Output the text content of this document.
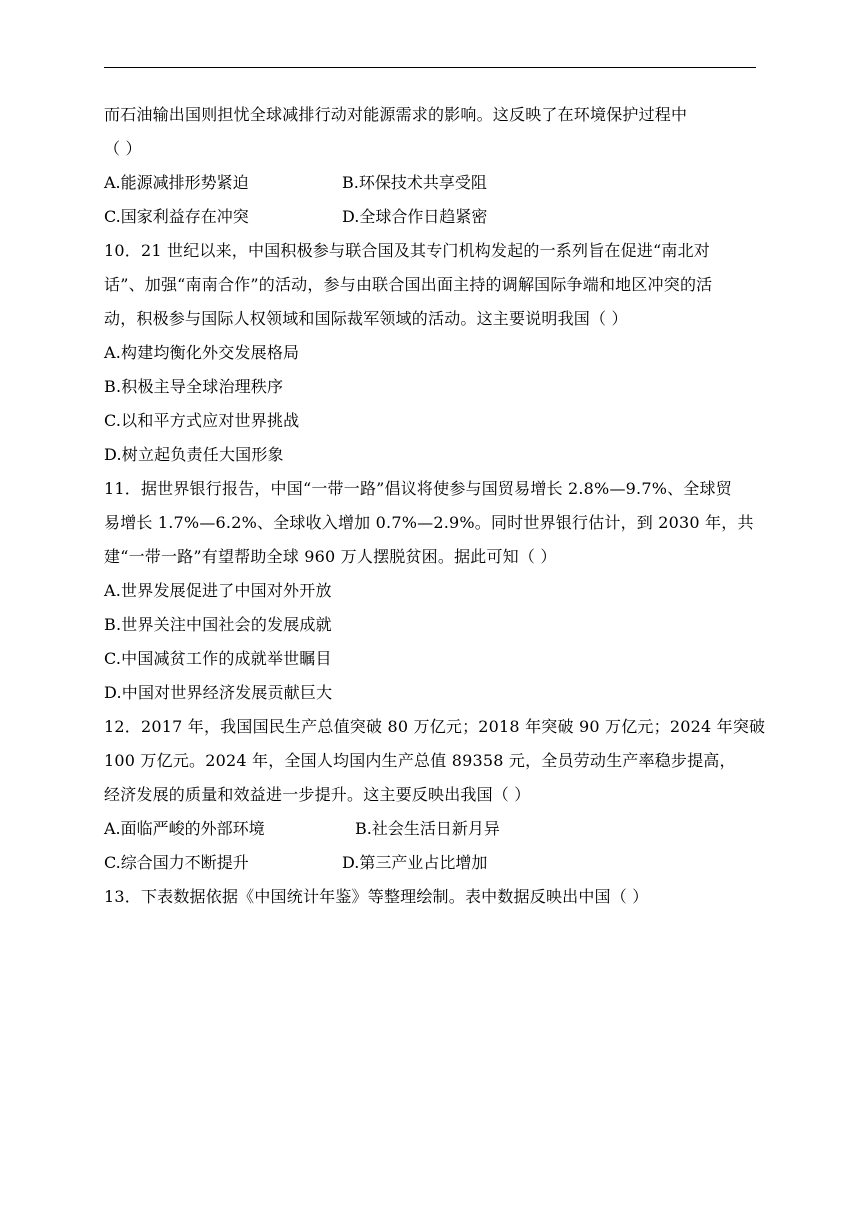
而石油输出国则担忧全球减排行动对能源需求的影响。这反映了在环境保护过程中
（ ）
A.能源减排形势紧迫	B.环保技术共享受阻
C.国家利益存在冲突	D.全球合作日趋紧密
10．21 世纪以来，中国积极参与联合国及其专门机构发起的一系列旨在促进“南北对
话”、加强“南南合作”的活动，参与由联合国出面主持的调解国际争端和地区冲突的活
动，积极参与国际人权领域和国际裁军领域的活动。这主要说明我国（ ）
A.构建均衡化外交发展格局
B.积极主导全球治理秩序
C.以和平方式应对世界挑战
D.树立起负责任大国形象
11．据世界银行报告，中国“一带一路”倡议将使参与国贸易增长 2.8%—9.7%、全球贸
易增长 1.7%—6.2%、全球收入增加 0.7%—2.9%。同时世界银行估计，到 2030 年，共
建“一带一路”有望帮助全球 960 万人摆脱贫困。据此可知（ ）
A.世界发展促进了中国对外开放
B.世界关注中国社会的发展成就
C.中国减贫工作的成就举世瞩目
D.中国对世界经济发展贡献巨大
12．2017 年，我国国民生产总值突破 80 万亿元；2018 年突破 90 万亿元；2024 年突破
100 万亿元。2024 年，全国人均国内生产总值 89358 元，全员劳动生产率稳步提高，
经济发展的质量和效益进一步提升。这主要反映出我国（ ）
A.面临严峻的外部环境	B.社会生活日新月异
C.综合国力不断提升	D.第三产业占比增加
13．下表数据依据《中国统计年鉴》等整理绘制。表中数据反映出中国（ ）
